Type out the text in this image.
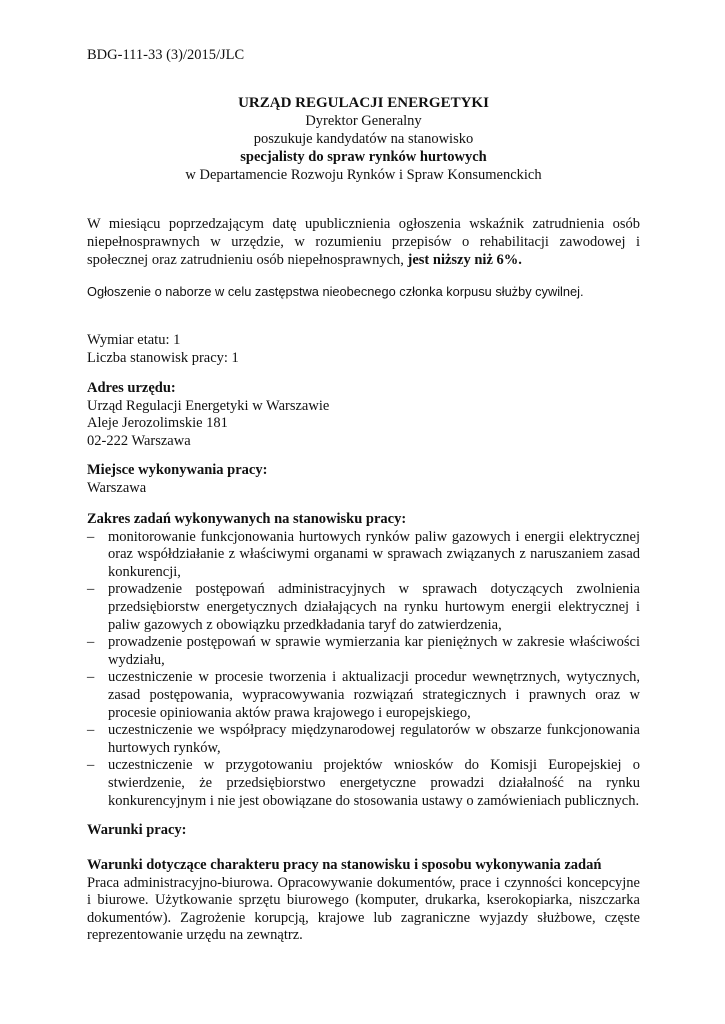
BDG-111-33 (3)/2015/JLC
URZĄD REGULACJI ENERGETYKI
Dyrektor Generalny
poszukuje kandydatów na stanowisko
specjalisty do spraw rynków hurtowych
w Departamencie Rozwoju Rynków i Spraw Konsumenckich
W miesiącu poprzedzającym datę upublicznienia ogłoszenia wskaźnik zatrudnienia osób niepełnosprawnych w urzędzie, w rozumieniu przepisów o rehabilitacji zawodowej i społecznej oraz zatrudnieniu osób niepełnosprawnych, jest niższy niż 6%.
Ogłoszenie o naborze w celu zastępstwa nieobecnego członka korpusu służby cywilnej.
Wymiar etatu: 1
Liczba stanowisk pracy: 1
Adres urzędu:
Urząd Regulacji Energetyki w Warszawie
Aleje Jerozolimskie 181
02-222 Warszawa
Miejsce wykonywania pracy:
Warszawa
Zakres zadań wykonywanych na stanowisku pracy:
– monitorowanie funkcjonowania hurtowych rynków paliw gazowych i energii elektrycznej oraz współdziałanie z właściwymi organami w sprawach związanych z naruszaniem zasad konkurencji,
– prowadzenie postępowań administracyjnych w sprawach dotyczących zwolnienia przedsiębiorstw energetycznych działających na rynku hurtowym energii elektrycznej i paliw gazowych z obowiązku przedkładania taryf do zatwierdzenia,
– prowadzenie postępowań w sprawie wymierzania kar pieniężnych w zakresie właściwości wydziału,
– uczestniczenie w procesie tworzenia i aktualizacji procedur wewnętrznych, wytycznych, zasad postępowania, wypracowywania rozwiązań strategicznych i prawnych oraz w procesie opiniowania aktów prawa krajowego i europejskiego,
– uczestniczenie we współpracy międzynarodowej regulatorów w obszarze funkcjonowania hurtowych rynków,
– uczestniczenie w przygotowaniu projektów wniosków do Komisji Europejskiej o stwierdzenie, że przedsiębiorstwo energetyczne prowadzi działalność na rynku konkurencyjnym i nie jest obowiązane do stosowania ustawy o zamówieniach publicznych.
Warunki pracy:
Warunki dotyczące charakteru pracy na stanowisku i sposobu wykonywania zadań
Praca administracyjno-biurowa. Opracowywanie dokumentów, prace i czynności koncepcyjne i biurowe. Użytkowanie sprzętu biurowego (komputer, drukarka, kserokopiarka, niszczarka dokumentów). Zagrożenie korupcją, krajowe lub zagraniczne wyjazdy służbowe, częste reprezentowanie urzędu na zewnątrz.
